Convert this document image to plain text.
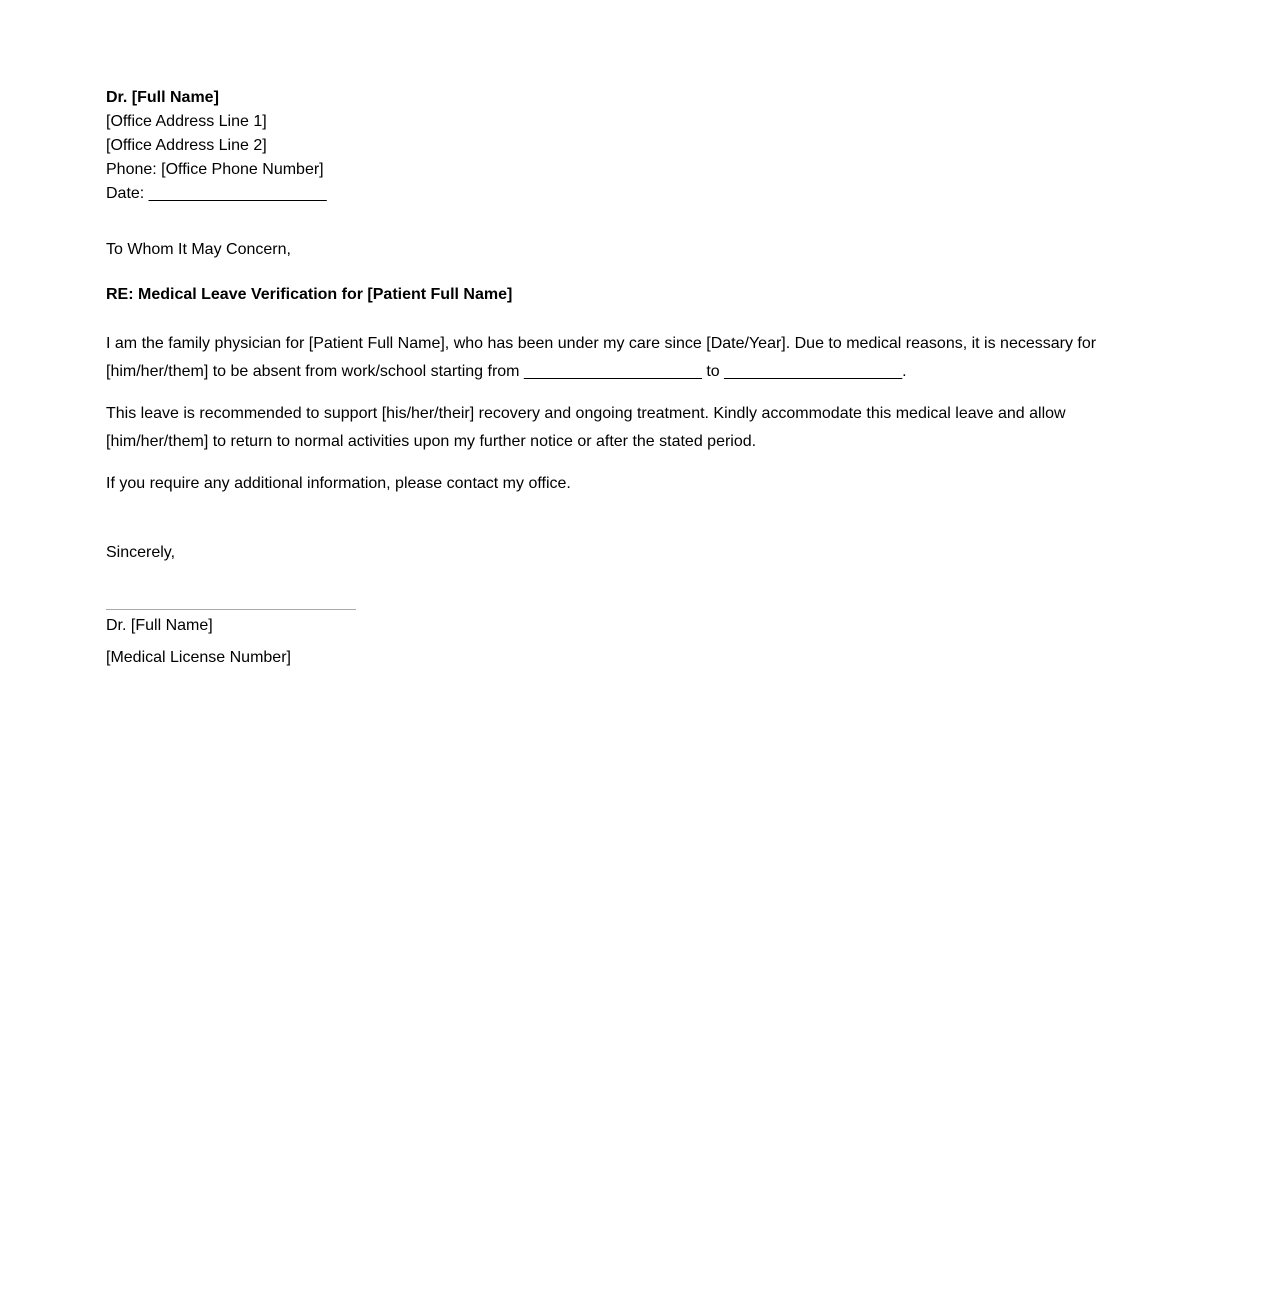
Dr. [Full Name]

[Office Address Line 1]

[Office Address Line 2]

Phone: [Office Phone Number]

Date: ____________________

To Whom It May Concern,
RE: Medical Leave Verification for [Patient Full Name]
I am the family physician for [Patient Full Name], who has been under my care since [Date/Year]. Due to medical reasons, it is necessary for [him/her/them] to be absent from work/school starting from ____________________ to ____________________.
This leave is recommended to support [his/her/their] recovery and ongoing treatment. Kindly accommodate this medical leave and allow [him/her/them] to return to normal activities upon my further notice or after the stated period.
If you require any additional information, please contact my office.
Sincerely,
Dr. [Full Name]
[Medical License Number]
